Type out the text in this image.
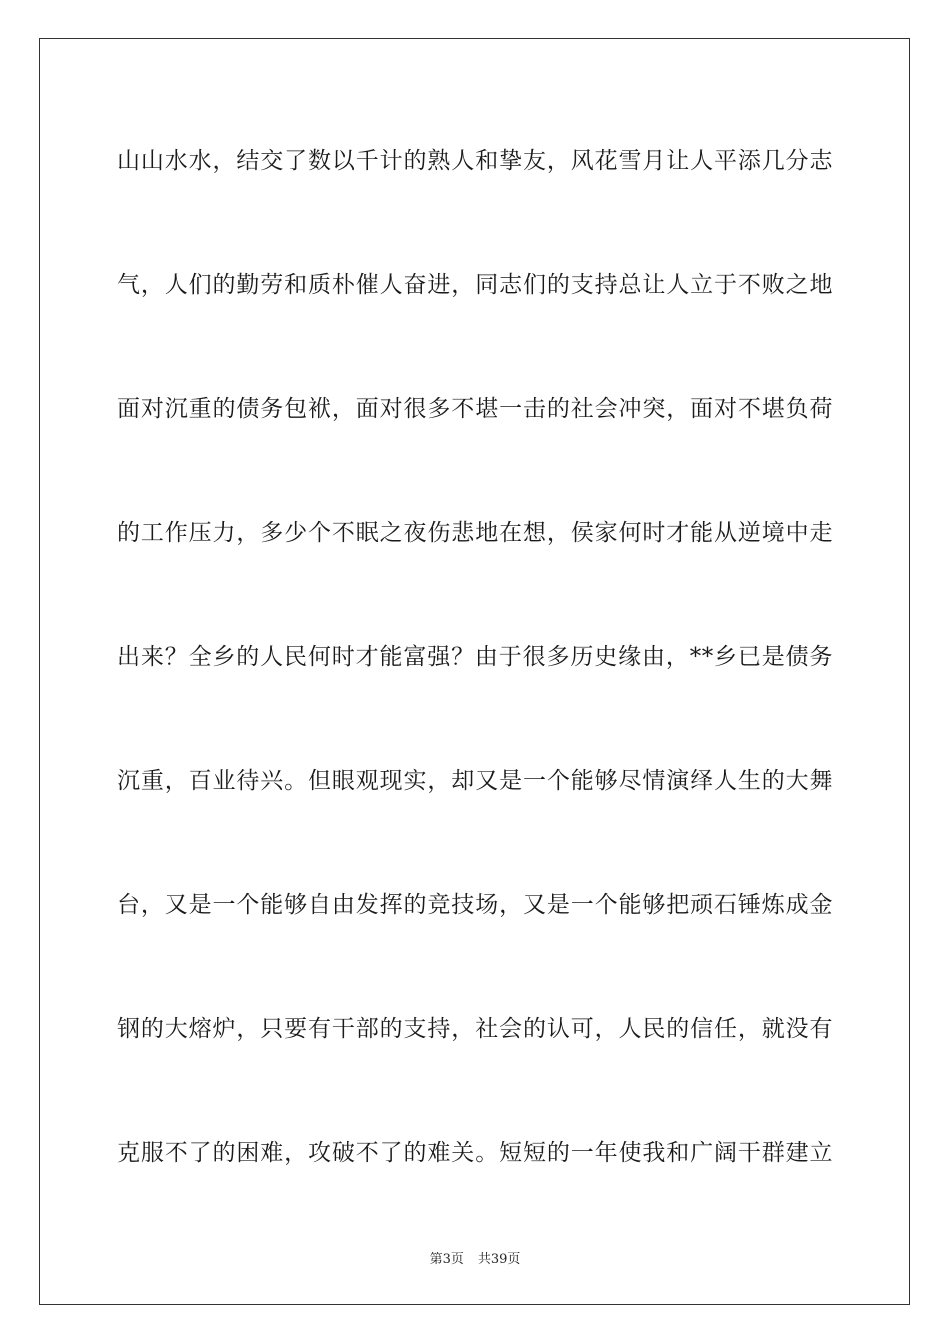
山山水水，结交了数以千计的熟人和挚友，风花雪月让人平添几分志
气，人们的勤劳和质朴催人奋进，同志们的支持总让人立于不败之地
面对沉重的债务包袱，面对很多不堪一击的社会冲突，面对不堪负荷
的工作压力，多少个不眠之夜伤悲地在想，侯家何时才能从逆境中走
出来？全乡的人民何时才能富强？由于很多历史缘由，**乡已是债务
沉重，百业待兴。但眼观现实，却又是一个能够尽情演绎人生的大舞
台，又是一个能够自由发挥的竞技场，又是一个能够把顽石锤炼成金
钢的大熔炉，只要有干部的支持，社会的认可，人民的信任，就没有
克服不了的困难，攻破不了的难关。短短的一年使我和广阔干群建立
第3页 共39页
